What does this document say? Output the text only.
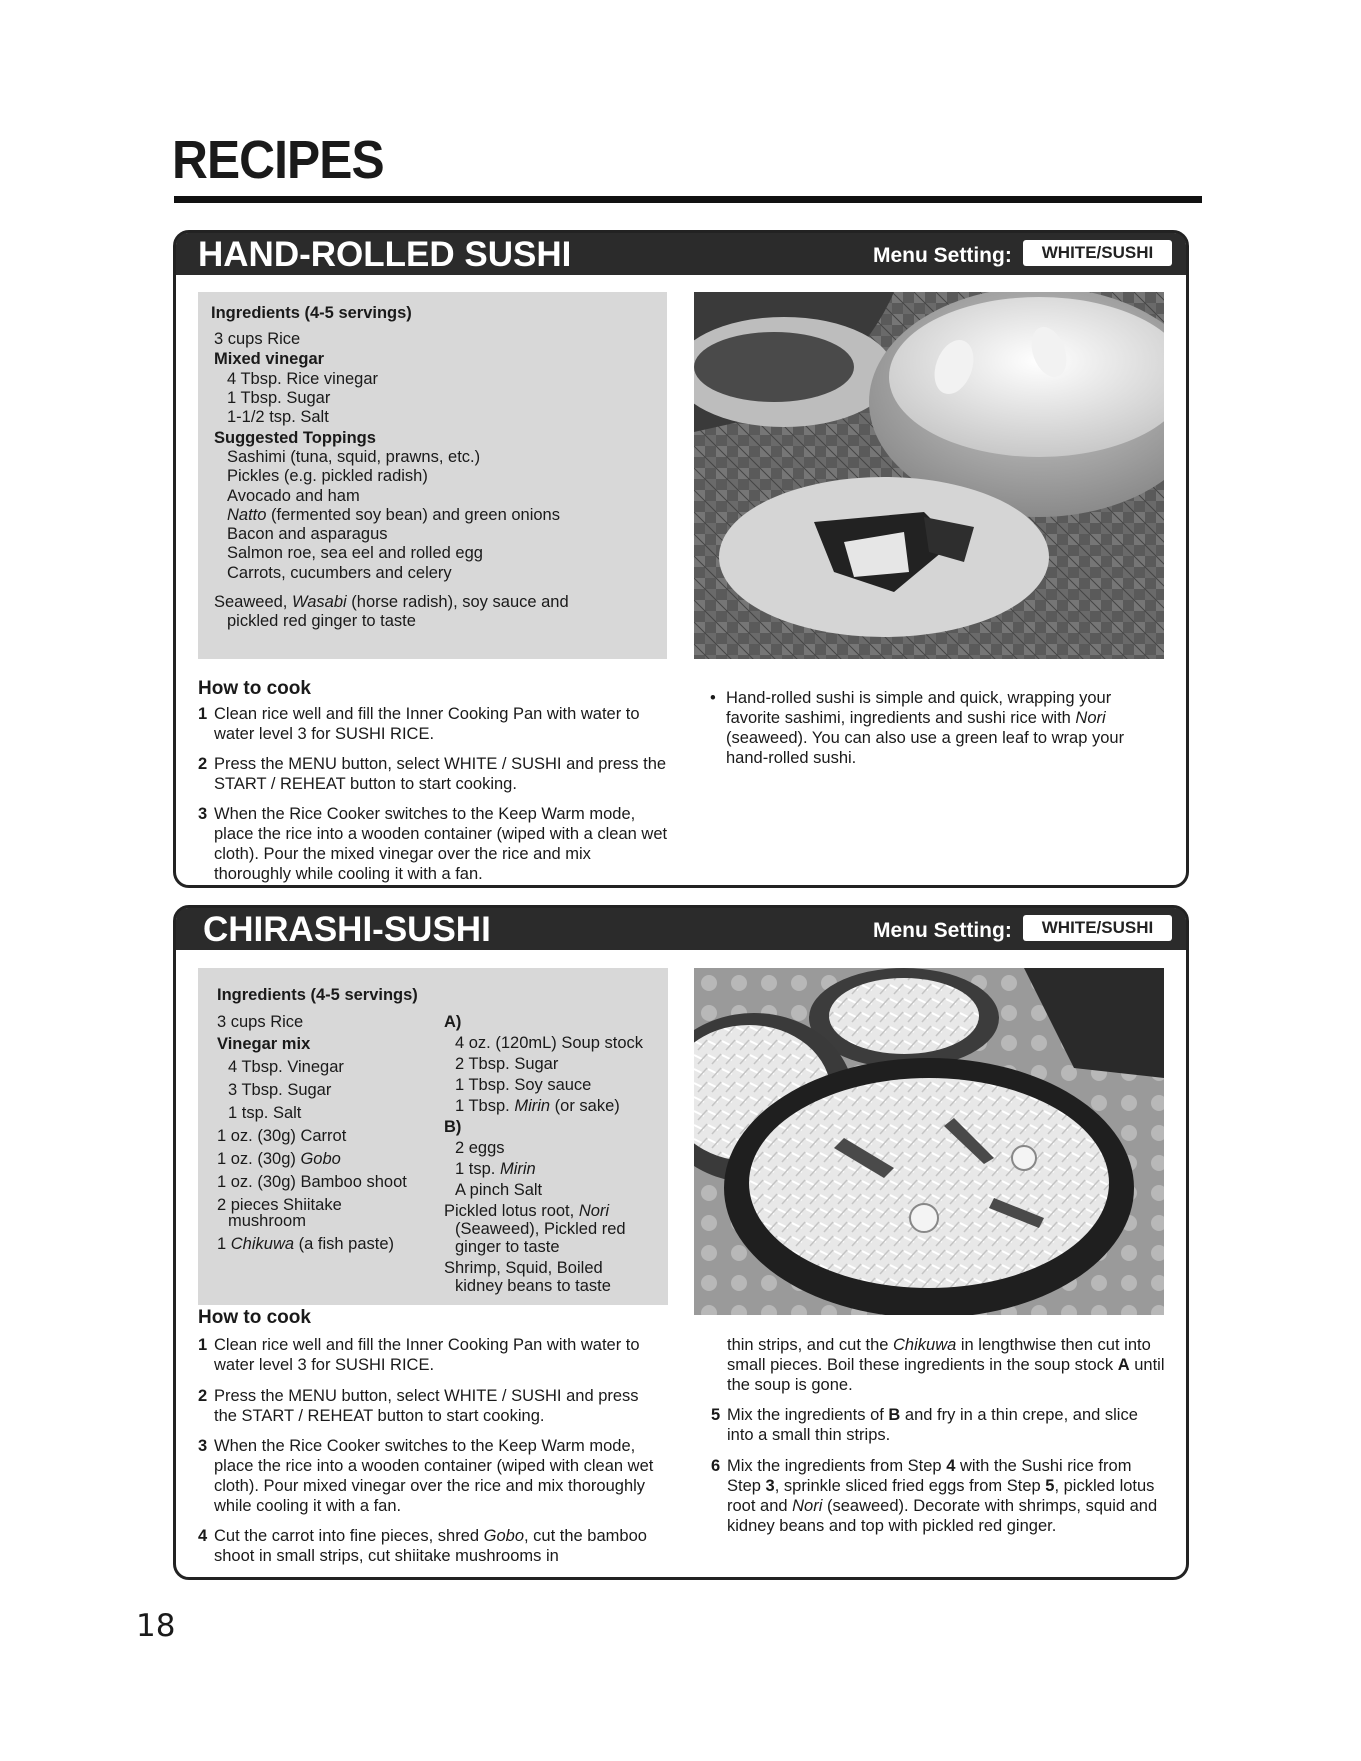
RECIPES
HAND-ROLLED SUSHI	Menu Setting:	WHITE/SUSHI
Ingredients (4-5 servings)
3 cups Rice
Mixed vinegar
4 Tbsp. Rice vinegar
1 Tbsp. Sugar
1-1/2 tsp. Salt
Suggested Toppings
Sashimi (tuna, squid, prawns, etc.)
Pickles (e.g. pickled radish)
Avocado and ham
Natto (fermented soy bean) and green onions
Bacon and asparagus
Salmon roe, sea eel and rolled egg
Carrots, cucumbers and celery
Seaweed, Wasabi (horse radish), soy sauce and
pickled red ginger to taste
How to cook
1 Clean rice well and fill the Inner Cooking Pan with water to water level 3 for SUSHI RICE.
2 Press the MENU button, select WHITE / SUSHI and press the START / REHEAT button to start cooking.
3 When the Rice Cooker switches to the Keep Warm mode, place the rice into a wooden container (wiped with a clean wet cloth). Pour the mixed vinegar over the rice and mix thoroughly while cooling it with a fan.
• Hand-rolled sushi is simple and quick, wrapping your favorite sashimi, ingredients and sushi rice with Nori (seaweed). You can also use a green leaf to wrap your hand-rolled sushi.
CHIRASHI-SUSHI	Menu Setting:	WHITE/SUSHI
Ingredients (4-5 servings)
3 cups Rice
Vinegar mix
4 Tbsp. Vinegar
3 Tbsp. Sugar
1 tsp. Salt
1 oz. (30g) Carrot
1 oz. (30g) Gobo
1 oz. (30g) Bamboo shoot
2 pieces Shiitake
mushroom
1 Chikuwa (a fish paste)
A)
4 oz. (120mL) Soup stock
2 Tbsp. Sugar
1 Tbsp. Soy sauce
1 Tbsp. Mirin (or sake)
B)
2 eggs
1 tsp. Mirin
A pinch Salt
Pickled lotus root, Nori
(Seaweed), Pickled red
ginger to taste
Shrimp, Squid, Boiled
kidney beans to taste
How to cook
1 Clean rice well and fill the Inner Cooking Pan with water to water level 3 for SUSHI RICE.
2 Press the MENU button, select WHITE / SUSHI and press the START / REHEAT button to start cooking.
3 When the Rice Cooker switches to the Keep Warm mode, place the rice into a wooden container (wiped with clean wet cloth). Pour mixed vinegar over the rice and mix thoroughly while cooling it with a fan.
4 Cut the carrot into fine pieces, shred Gobo, cut the bamboo shoot in small strips, cut shiitake mushrooms in
thin strips, and cut the Chikuwa in lengthwise then cut into small pieces. Boil these ingredients in the soup stock A until the soup is gone.
5 Mix the ingredients of B and fry in a thin crepe, and slice into a small thin strips.
6 Mix the ingredients from Step 4 with the Sushi rice from Step 3, sprinkle sliced fried eggs from Step 5, pickled lotus root and Nori (seaweed). Decorate with shrimps, squid and kidney beans and top with pickled red ginger.
18
